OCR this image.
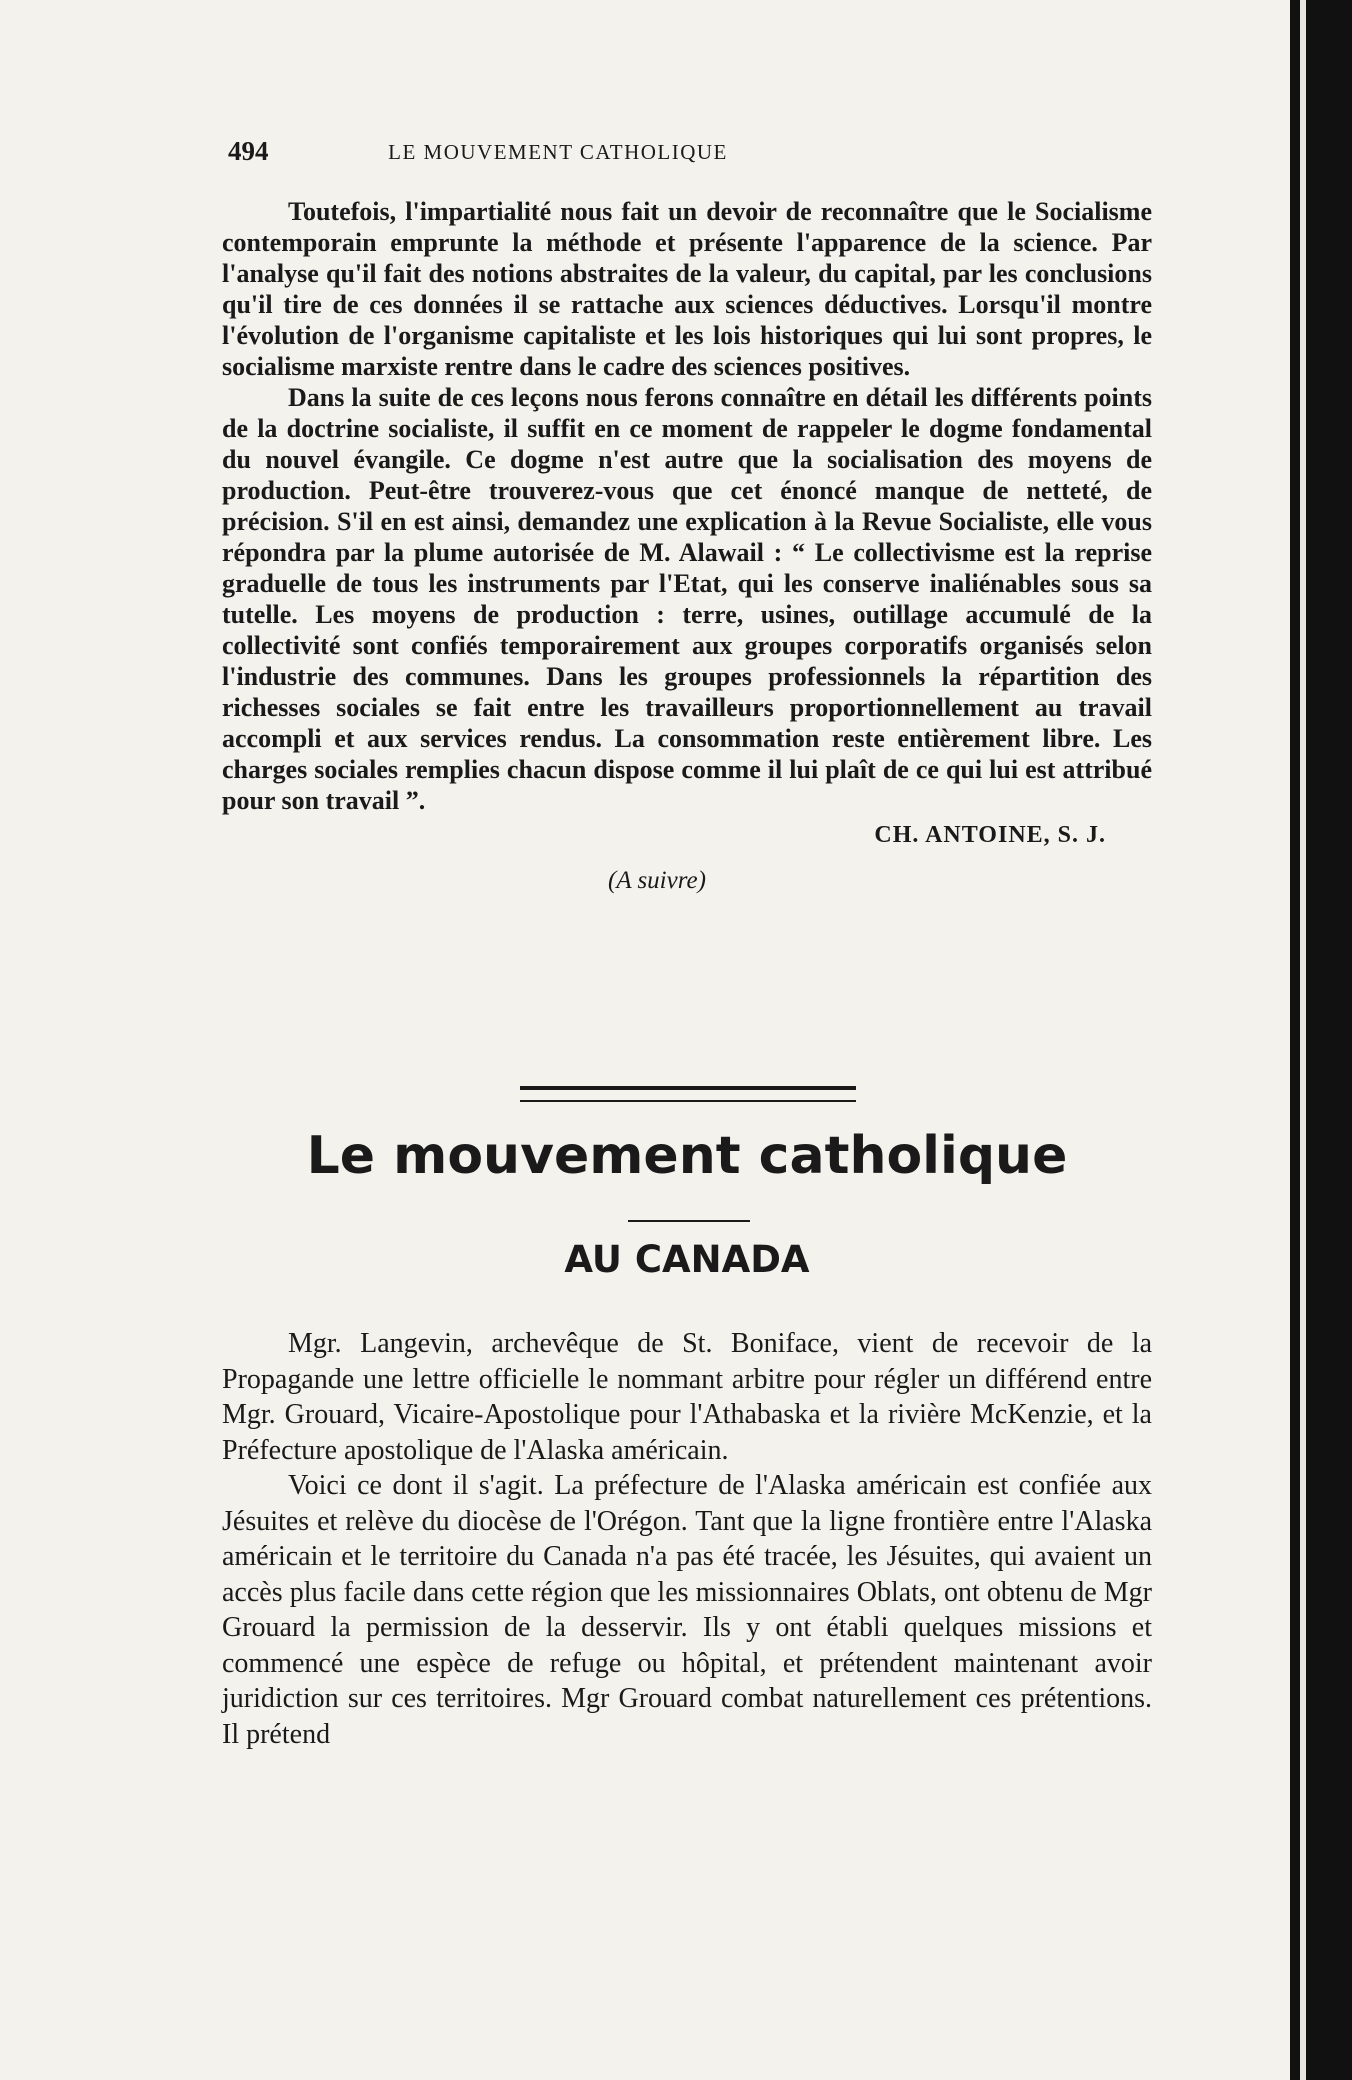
494	LE MOUVEMENT CATHOLIQUE

Toutefois, l'impartialité nous fait un devoir de reconnaître que le Socialisme contemporain emprunte la méthode et présente l'apparence de la science. Par l'analyse qu'il fait des notions abstraites de la valeur, du capital, par les conclusions qu'il tire de ces données il se rattache aux sciences déductives. Lorsqu'il montre l'évolution de l'organisme capitaliste et les lois historiques qui lui sont propres, le socialisme marxiste rentre dans le cadre des sciences positives.

Dans la suite de ces leçons nous ferons connaître en détail les différents points de la doctrine socialiste, il suffit en ce moment de rappeler le dogme fondamental du nouvel évangile. Ce dogme n'est autre que la socialisation des moyens de production. Peut-être trouverez-vous que cet énoncé manque de netteté, de précision. S'il en est ainsi, demandez une explication à la Revue Socialiste, elle vous répondra par la plume autorisée de M. Alawail : “ Le collectivisme est la reprise graduelle de tous les instruments par l'Etat, qui les conserve inaliénables sous sa tutelle. Les moyens de production : terre, usines, outillage accumulé de la collectivité sont confiés temporairement aux groupes corporatifs organisés selon l'industrie des communes. Dans les groupes professionnels la répartition des richesses sociales se fait entre les travailleurs proportionnellement au travail accompli et aux services rendus. La consommation reste entièrement libre. Les charges sociales remplies chacun dispose comme il lui plaît de ce qui lui est attribué pour son travail ”.

CH. ANTOINE, S. J.
(A suivre)
Le mouvement catholique
AU CANADA

Mgr. Langevin, archevêque de St. Boniface, vient de recevoir de la Propagande une lettre officielle le nommant arbitre pour régler un différend entre Mgr. Grouard, Vicaire-Apostolique pour l'Athabaska et la rivière McKenzie, et la Préfecture apostolique de l'Alaska américain.

Voici ce dont il s'agit. La préfecture de l'Alaska américain est confiée aux Jésuites et relève du diocèse de l'Orégon. Tant que la ligne frontière entre l'Alaska américain et le territoire du Canada n'a pas été tracée, les Jésuites, qui avaient un accès plus facile dans cette région que les missionnaires Oblats, ont obtenu de Mgr Grouard la permission de la desservir. Ils y ont établi quelques missions et commencé une espèce de refuge ou hôpital, et prétendent maintenant avoir juridiction sur ces territoires. Mgr Grouard combat naturellement ces prétentions. Il prétend
